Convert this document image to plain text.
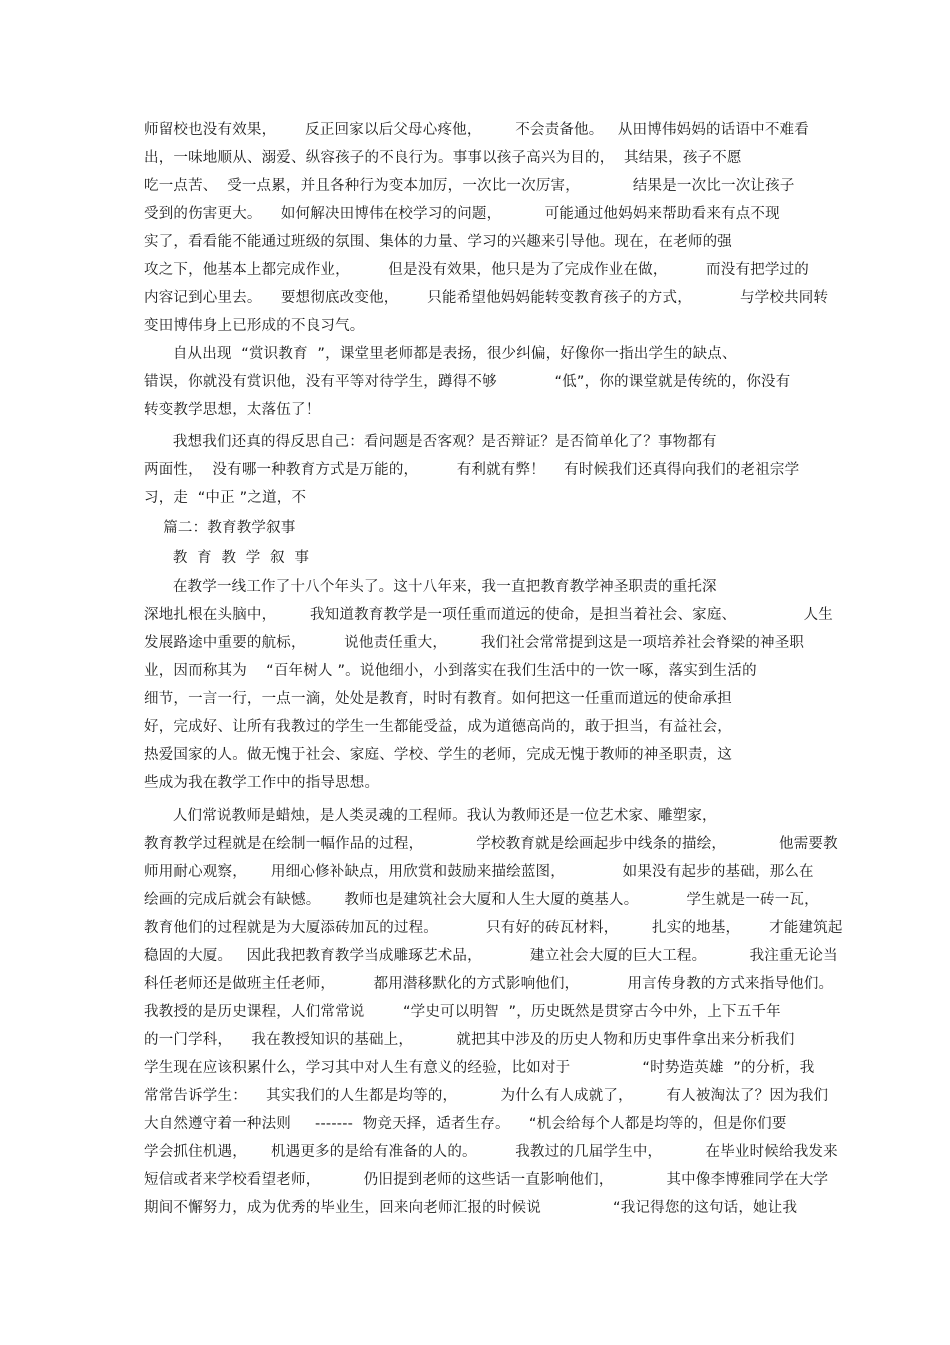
师留校也没有效果，      反正回家以后父母心疼他，       不会责备他。   从田博伟妈妈的话语中不难看
出，一味地顺从、溺爱、纵容孩子的不良行为。事事以孩子高兴为目的，  其结果，孩子不愿
吃一点苦、  受一点累，并且各种行为变本加厉，一次比一次厉害，           结果是一次比一次让孩子
受到的伤害更大。    如何解决田博伟在校学习的问题，         可能通过他妈妈来帮助看来有点不现
实了，看看能不能通过班级的氛围、集体的力量、学习的兴趣来引导他。现在，在老师的强
攻之下，他基本上都完成作业，        但是没有效果，他只是为了完成作业在做，        而没有把学过的
内容记到心里去。    要想彻底改变他，      只能希望他妈妈能转变教育孩子的方式，          与学校共同转
变田博伟身上已形成的不良习气。
自从出现  “赏识教育  ”，课堂里老师都是表扬，很少纠偏，好像你一指出学生的缺点、
错误，你就没有赏识他，没有平等对待学生，蹲得不够            “低”，你的课堂就是传统的，你没有
转变教学思想，太落伍了！
我想我们还真的得反思自己：看问题是否客观？是否辩证？是否简单化了？事物都有
两面性，  没有哪一种教育方式是万能的，        有利就有弊！    有时候我们还真得向我们的老祖宗学
习，走  “中正 ”之道，不
篇二：教育教学叙事
教  育  教  学  叙  事
在教学一线工作了十八个年头了。这十八年来，我一直把教育教学神圣职责的重托深
深地扎根在头脑中，       我知道教育教学是一项任重而道远的使命，是担当着社会、家庭、              人生
发展路途中重要的航标，        说他责任重大，       我们社会常常提到这是一项培养社会脊梁的神圣职
业，因而称其为    “百年树人 ”。说他细小，小到落实在我们生活中的一饮一啄，落实到生活的
细节，一言一行，一点一滴，处处是教育，时时有教育。如何把这一任重而道远的使命承担
好，完成好、让所有我教过的学生一生都能受益，成为道德高尚的，敢于担当，有益社会，
热爱国家的人。做无愧于社会、家庭、学校、学生的老师，完成无愧于教师的神圣职责，这
些成为我在教学工作中的指导思想。
人们常说教师是蜡烛，是人类灵魂的工程师。我认为教师还是一位艺术家、雕塑家，
教育教学过程就是在绘制一幅作品的过程，           学校教育就是绘画起步中线条的描绘，           他需要教
师用耐心观察，     用细心修补缺点，用欣赏和鼓励来描绘蓝图，            如果没有起步的基础，那么在
绘画的完成后就会有缺憾。     教师也是建筑社会大厦和人生大厦的奠基人。          学生就是一砖一瓦，
教育他们的过程就是为大厦添砖加瓦的过程。          只有好的砖瓦材料，       扎实的地基，      才能建筑起
稳固的大厦。   因此我把教育教学当成雕琢艺术品，          建立社会大厦的巨大工程。         我注重无论当
科任老师还是做班主任老师，        都用潜移默化的方式影响他们，          用言传身教的方式来指导他们。
我教授的是历史课程，人们常常说        “学史可以明智  ”，历史既然是贯穿古今中外，上下五千年
的一门学科，    我在教授知识的基础上，         就把其中涉及的历史人物和历史事件拿出来分析我们
学生现在应该积累什么，学习其中对人生有意义的经验，比如对于               “时势造英雄  ”的分析，我
常常告诉学生：    其实我们的人生都是均等的，         为什么有人成就了，       有人被淘汰了？因为我们
大自然遵守着一种法则     -------  物竞天择，适者生存。    “机会给每个人都是均等的，但是你们要
学会抓住机遇，     机遇更多的是给有准备的人的。        我教过的几届学生中，         在毕业时候给我发来
短信或者来学校看望老师，         仍旧提到老师的这些话一直影响他们，           其中像李博雅同学在大学
期间不懈努力，成为优秀的毕业生，回来向老师汇报的时候说               “我记得您的这句话，她让我
